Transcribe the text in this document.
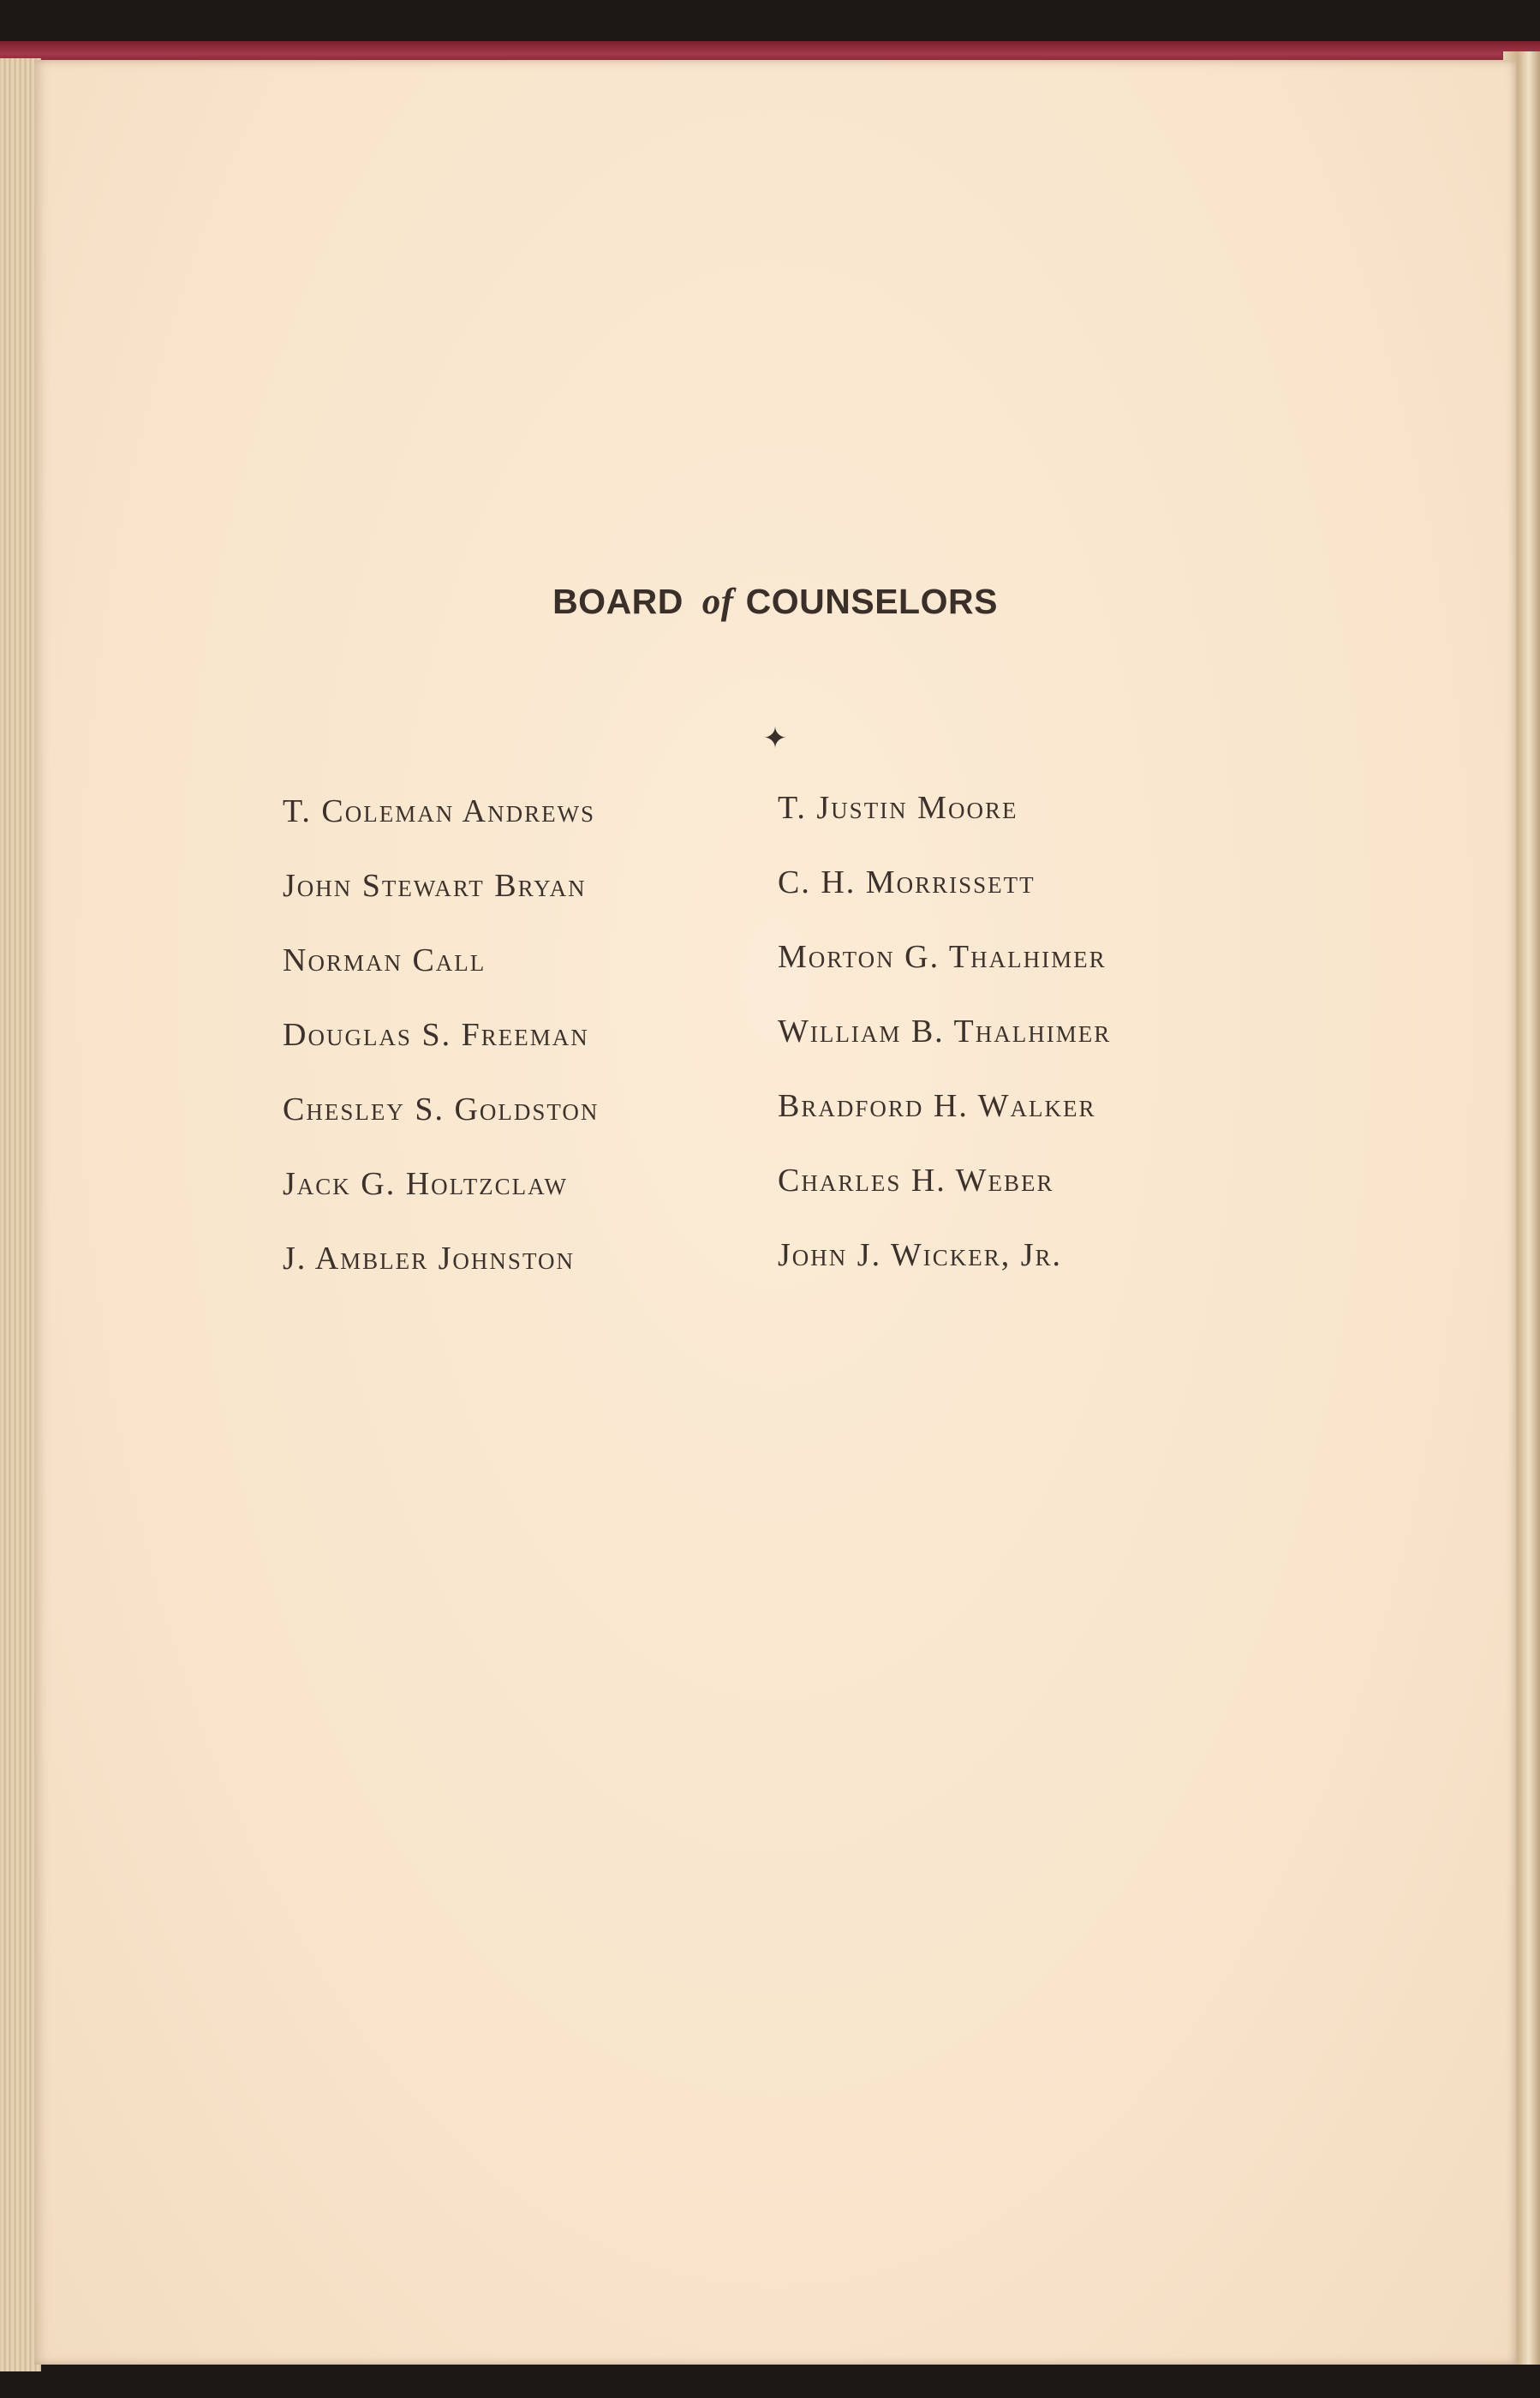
BOARD of COUNSELORS
✦
T. Coleman Andrews
John Stewart Bryan
Norman Call
Douglas S. Freeman
Chesley S. Goldston
Jack G. Holtzclaw
J. Ambler Johnston
T. Justin Moore
C. H. Morrissett
Morton G. Thalhimer
William B. Thalhimer
Bradford H. Walker
Charles H. Weber
John J. Wicker, Jr.
